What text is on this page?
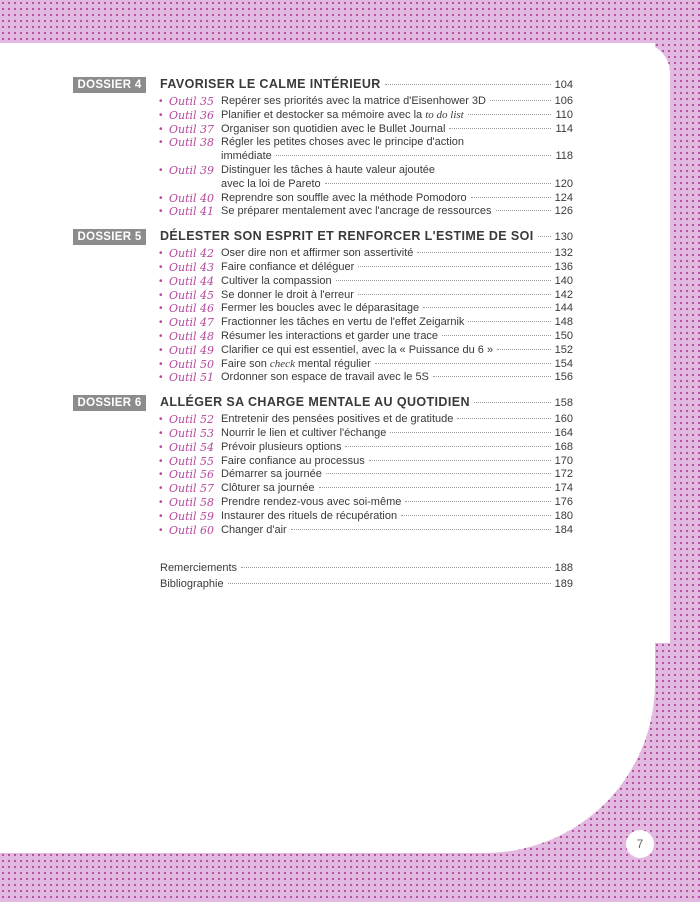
DOSSIER 4	FAVORISER LE CALME INTÉRIEUR	104
• Outil 35 Repérer ses priorités avec la matrice d'Eisenhower 3D	106
• Outil 36 Planifier et destocker sa mémoire avec la to do list	110
• Outil 37 Organiser son quotidien avec le Bullet Journal	114
• Outil 38 Régler les petites choses avec le principe d'action
immédiate	118
• Outil 39 Distinguer les tâches à haute valeur ajoutée
avec la loi de Pareto	120
• Outil 40 Reprendre son souffle avec la méthode Pomodoro	124
• Outil 41 Se préparer mentalement avec l'ancrage de ressources	126
DOSSIER 5	DÉLESTER SON ESPRIT ET RENFORCER L'ESTIME DE SOI 130
• Outil 42 Oser dire non et affirmer son assertivité	132
• Outil 43 Faire confiance et déléguer	136
• Outil 44 Cultiver la compassion	140
• Outil 45 Se donner le droit à l'erreur	142
• Outil 46 Fermer les boucles avec le déparasitage	144
• Outil 47 Fractionner les tâches en vertu de l'effet Zeigarnik	148
• Outil 48 Résumer les interactions et garder une trace	150
• Outil 49 Clarifier ce qui est essentiel, avec la « Puissance du 6 »	152
• Outil 50 Faire son check mental régulier	154
• Outil 51 Ordonner son espace de travail avec le 5S	156
DOSSIER 6	ALLÉGER SA CHARGE MENTALE AU QUOTIDIEN	158
• Outil 52 Entretenir des pensées positives et de gratitude	160
• Outil 53 Nourrir le lien et cultiver l'échange	164
• Outil 54 Prévoir plusieurs options	168
• Outil 55 Faire confiance au processus	170
• Outil 56 Démarrer sa journée	172
• Outil 57 Clôturer sa journée	174
• Outil 58 Prendre rendez-vous avec soi-même	176
• Outil 59 Instaurer des rituels de récupération	180
• Outil 60 Changer d'air	184
Remerciements	188
Bibliographie	189
7
